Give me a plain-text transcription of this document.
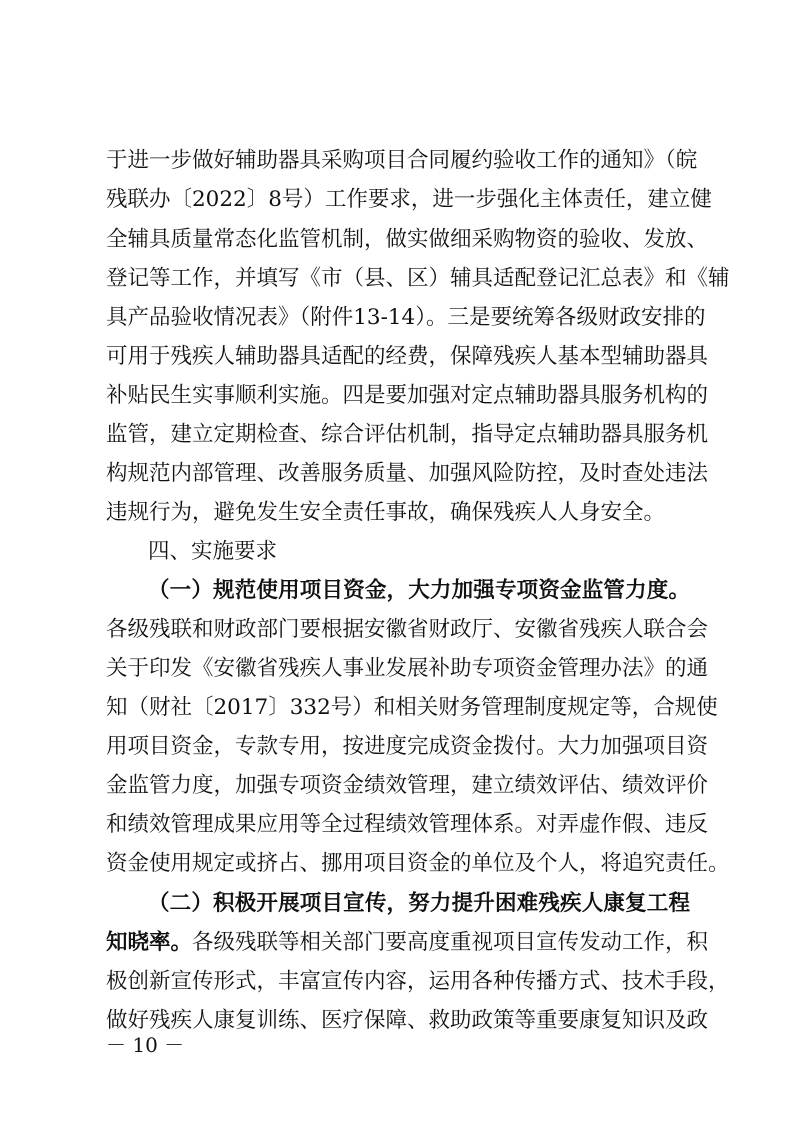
于进一步做好辅助器具采购项目合同履约验收工作的通知》（皖
残联办〔2022〕8号）工作要求，进一步强化主体责任，建立健
全辅具质量常态化监管机制，做实做细采购物资的验收、发放、
登记等工作，并填写《市（县、区）辅具适配登记汇总表》和《辅
具产品验收情况表》（附件13-14）。三是要统筹各级财政安排的
可用于残疾人辅助器具适配的经费，保障残疾人基本型辅助器具
补贴民生实事顺利实施。四是要加强对定点辅助器具服务机构的
监管，建立定期检查、综合评估机制，指导定点辅助器具服务机
构规范内部管理、改善服务质量、加强风险防控，及时查处违法
违规行为，避免发生安全责任事故，确保残疾人人身安全。
四、实施要求
（一）规范使用项目资金，大力加强专项资金监管力度。
各级残联和财政部门要根据安徽省财政厅、安徽省残疾人联合会
关于印发《安徽省残疾人事业发展补助专项资金管理办法》的通
知（财社〔2017〕332号）和相关财务管理制度规定等，合规使
用项目资金，专款专用，按进度完成资金拨付。大力加强项目资
金监管力度，加强专项资金绩效管理，建立绩效评估、绩效评价
和绩效管理成果应用等全过程绩效管理体系。对弄虚作假、违反
资金使用规定或挤占、挪用项目资金的单位及个人，将追究责任。
（二）积极开展项目宣传，努力提升困难残疾人康复工程
知晓率。各级残联等相关部门要高度重视项目宣传发动工作，积
极创新宣传形式，丰富宣传内容，运用各种传播方式、技术手段，
做好残疾人康复训练、医疗保障、救助政策等重要康复知识及政
－ 10 －
